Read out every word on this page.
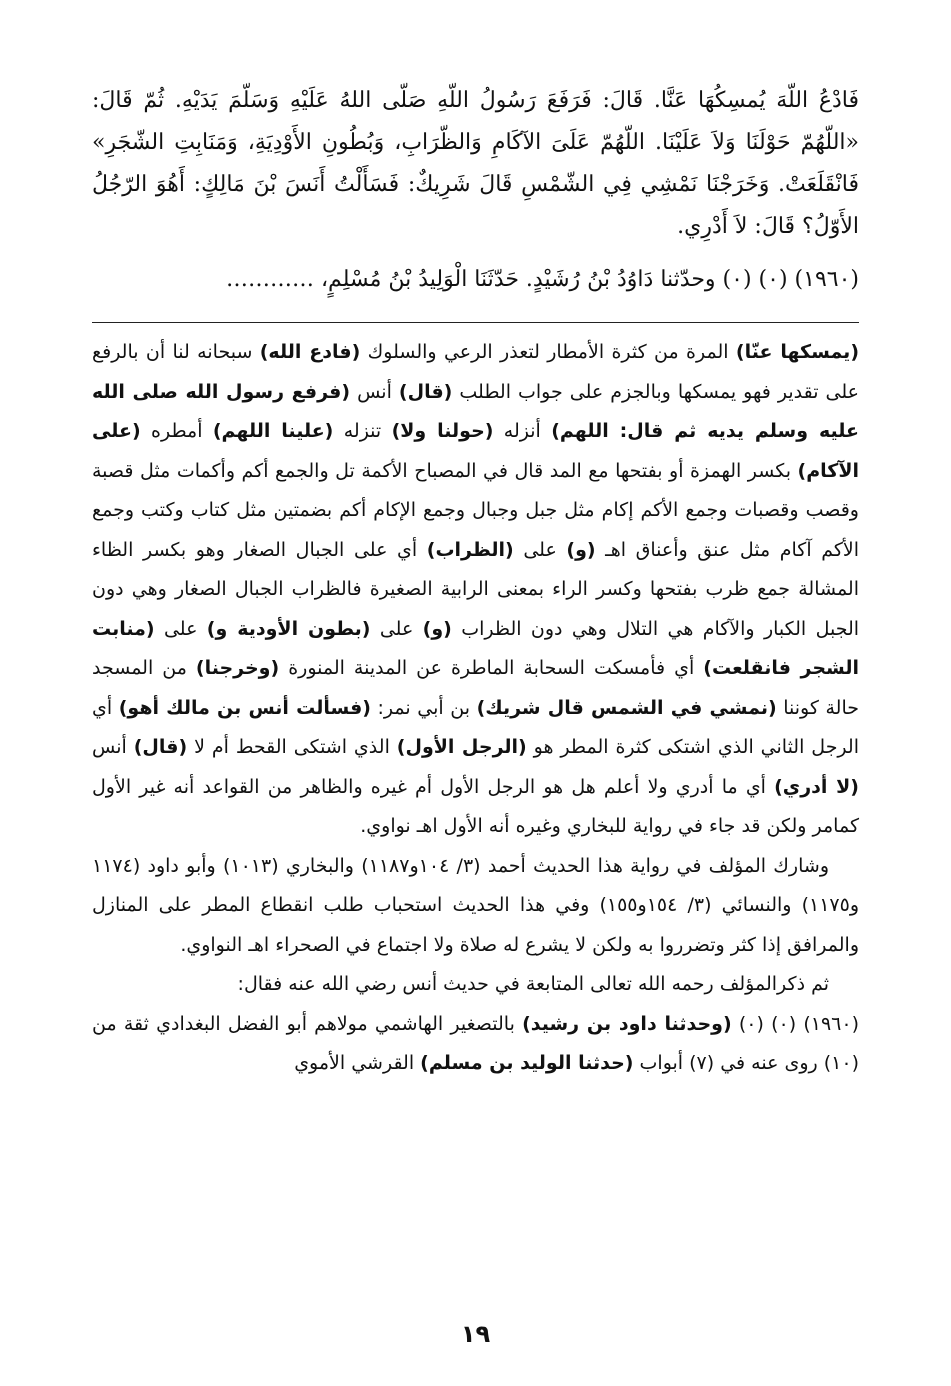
فَادْعُ اللّهَ يُمسِكُهَا عَنَّا. قَالَ: فَرَفَعَ رَسُولُ اللّهِ صَلّى اللهُ عَلَيْهِ وَسَلّمَ يَدَيْهِ. ثُمّ قَالَ: «اللّهُمّ حَوْلَنَا وَلاَ عَلَيْنَا. اللّهُمّ عَلَىَ الآكَامِ وَالظّرَابِ، وَبُطُونِ الأَوْدِيَةِ، وَمَنَابِتِ الشّجَرِ» فَانْقَلَعَتْ. وَخَرَجْنَا نَمْشِي فِي الشّمْسِ قَالَ شَرِيكٌ: فَسَأَلْتُ أَنَسَ بْنَ مَالِكٍ: أَهُوَ الرّجُلُ الأَوّلُ؟ قَالَ: لاَ أَدْرِي.

(١٩٦٠) (٠) (٠) وحدّثنا دَاوُدُ بْنُ رُشَيْدٍ. حَدّثَنَا الْوَلِيدُ بْنُ مُسْلِمٍ، …………

(يمسكها عنّا) المرة من كثرة الأمطار لتعذر الرعي والسلوك (فادع الله) سبحانه لنا أن بالرفع على تقدير فهو يمسكها وبالجزم على جواب الطلب (قال) أنس (فرفع رسول الله صلى الله عليه وسلم يديه ثم قال: اللهم) أنزله (حولنا ولا) تنزله (علينا اللهم) أمطره (على الآكام) بكسر الهمزة أو بفتحها مع المد قال في المصباح الأكمة تل والجمع أكم وأكمات مثل قصبة وقصب وقصبات وجمع الأكم إكام مثل جبل وجبال وجمع الإكام أكم بضمتين مثل كتاب وكتب وجمع الأكم آكام مثل عنق وأعناق اهـ (و) على (الظراب) أي على الجبال الصغار وهو بكسر الظاء المشالة جمع ظرب بفتحها وكسر الراء بمعنى الرابية الصغيرة فالظراب الجبال الصغار وهي دون الجبل الكبار والآكام هي التلال وهي دون الظراب (و) على (بطون الأودية و) على (منابت الشجر فانقلعت) أي فأمسكت السحابة الماطرة عن المدينة المنورة (وخرجنا) من المسجد حالة كوننا (نمشي في الشمس قال شريك) بن أبي نمر: (فسألت أنس بن مالك أهو) أي الرجل الثاني الذي اشتكى كثرة المطر هو (الرجل الأول) الذي اشتكى القحط أم لا (قال) أنس (لا أدري) أي ما أدري ولا أعلم هل هو الرجل الأول أم غيره والظاهر من القواعد أنه غير الأول كمامر ولكن قد جاء في رواية للبخاري وغيره أنه الأول اهـ نواوي.

وشارك المؤلف في رواية هذا الحديث أحمد (٣/ ١٠٤و١١٨٧) والبخاري (١٠١٣) وأبو داود (١١٧٤ و١١٧٥) والنسائي (٣/ ١٥٤و١٥٥) وفي هذا الحديث استحباب طلب انقطاع المطر على المنازل والمرافق إذا كثر وتضرروا به ولكن لا يشرع له صلاة ولا اجتماع في الصحراء اهـ النواوي.

ثم ذكرالمؤلف رحمه الله تعالى المتابعة في حديث أنس رضي الله عنه فقال:

(١٩٦٠) (٠) (٠) (وحدثنا داود بن رشيد) بالتصغير الهاشمي مولاهم أبو الفضل البغدادي ثقة من (١٠) روى عنه في (٧) أبواب (حدثنا الوليد بن مسلم) القرشي الأموي

١٩
